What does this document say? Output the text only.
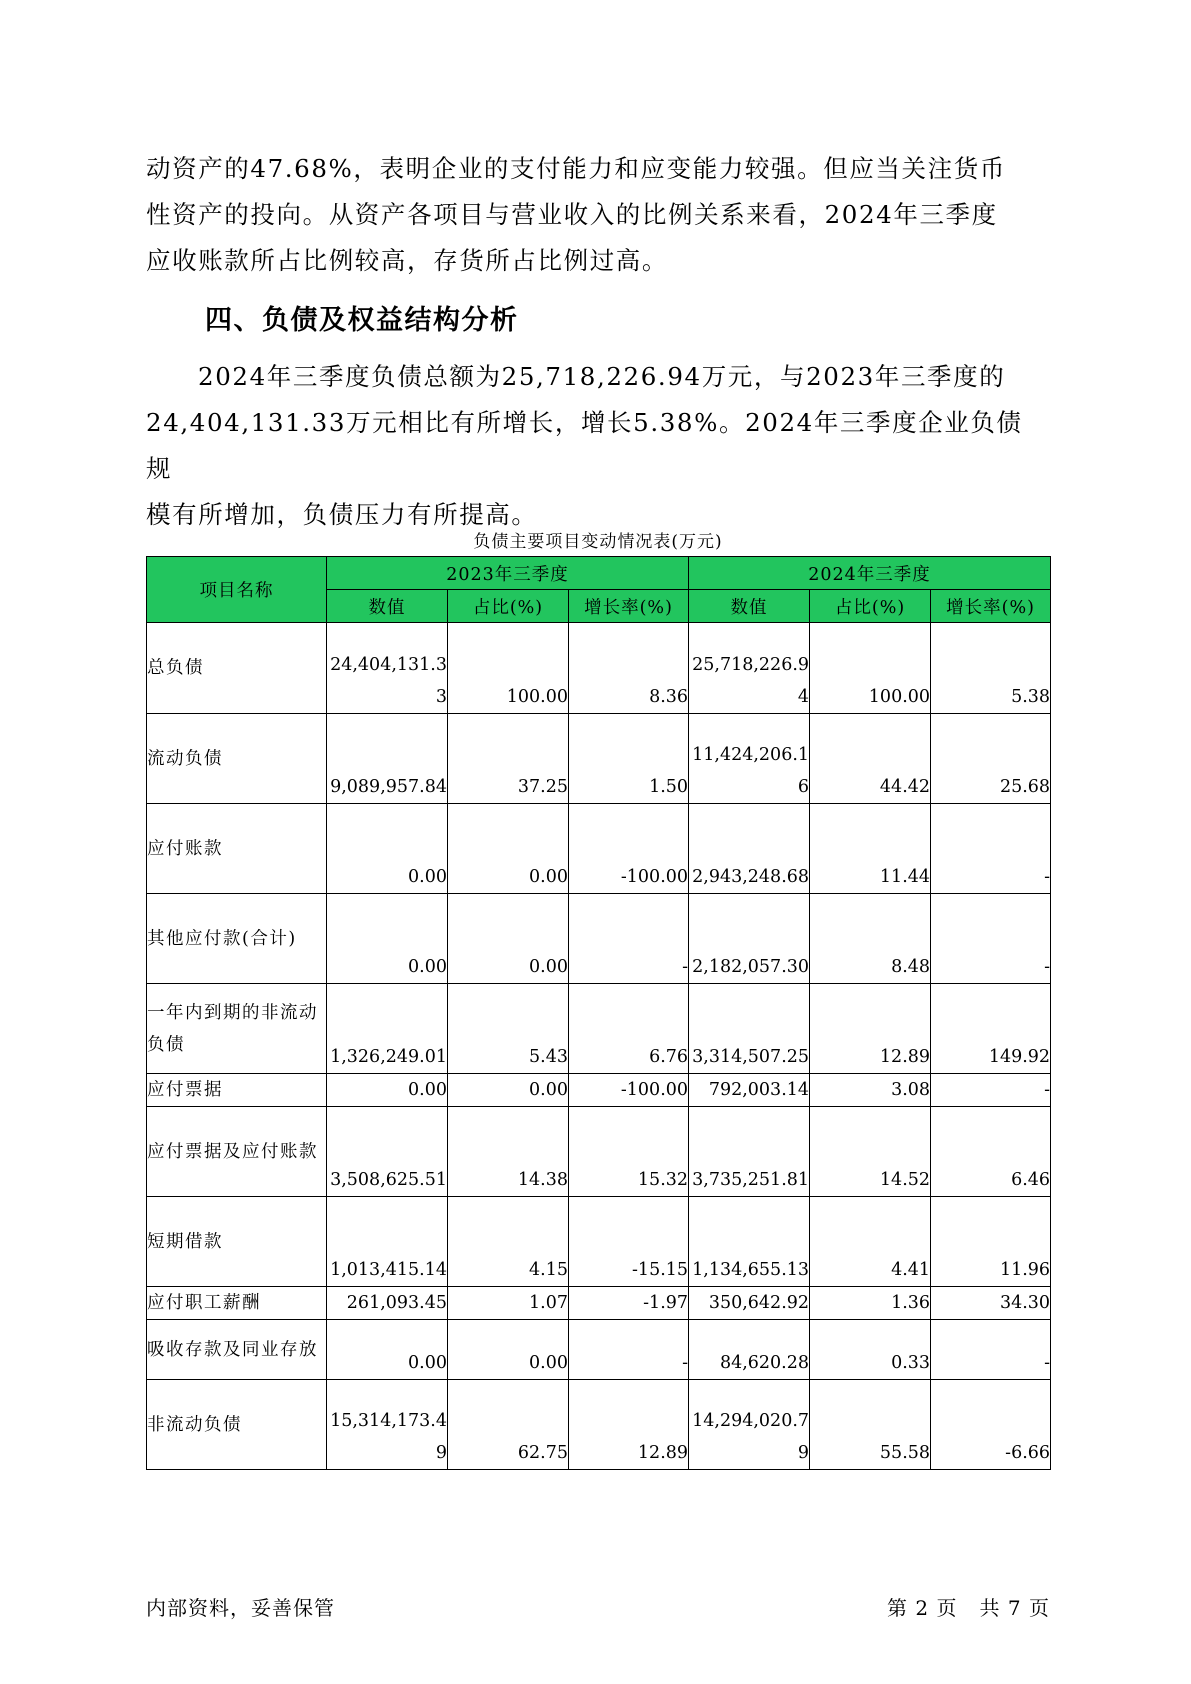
动资产的47.68%，表明企业的支付能力和应变能力较强。但应当关注货币

性资产的投向。从资产各项目与营业收入的比例关系来看，2024年三季度

应收账款所占比例较高，存货所占比例过高。

四、负债及权益结构分析

2024年三季度负债总额为25,718,226.94万元，与2023年三季度的

24,404,131.33万元相比有所增长，增长5.38%。2024年三季度企业负债规

模有所增加，负债压力有所提高。

负债主要项目变动情况表(万元)
项目名称	2023年三季度			2024年三季度		
	数值	占比(%)	增长率(%)	数值	占比(%)	增长率(%)
总负债	24,404,131.33	100.00	8.36	25,718,226.94	100.00	5.38

流动负债	9,089,957.84	37.25	1.50	11,424,206.16	44.42	25.68

应付账款	0.00	0.00	-100.00	2,943,248.68	11.44	-

其他应付款(合计)	0.00	0.00	-	2,182,057.30	8.48	-

一年内到期的非流动负债	1,326,249.01	5.43	6.76	3,314,507.25	12.89	149.92

应付票据	0.00	0.00	-100.00	792,003.14	3.08	-

应付票据及应付账款	3,508,625.51	14.38	15.32	3,735,251.81	14.52	6.46

短期借款	1,013,415.14	4.15	-15.15	1,134,655.13	4.41	11.96

应付职工薪酬	261,093.45	1.07	-1.97	350,642.92	1.36	34.30

吸收存款及同业存放	0.00	0.00	-	84,620.28	0.33	-

非流动负债	15,314,173.49	62.75	12.89	14,294,020.79	55.58	-6.66
内部资料，妥善保管	第 2 页   共 7 页
